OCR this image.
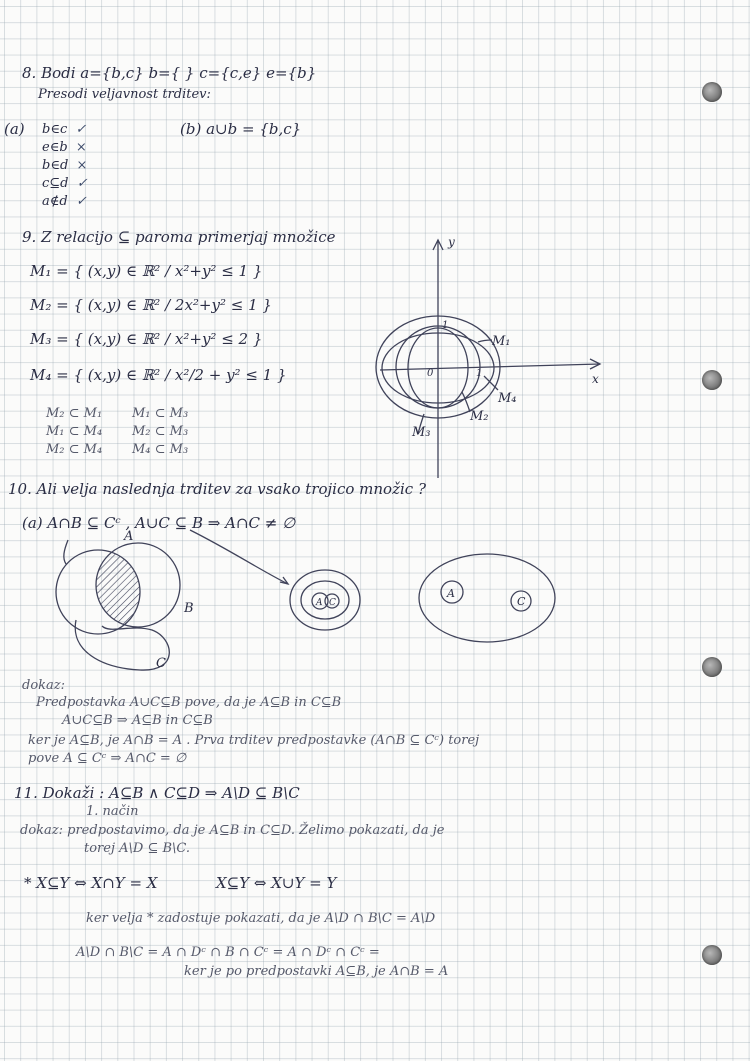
8. Bodi a={b,c} b={ } c={c,e} e={b}
Presodi veljavnost trditev:
(a) b∈c ✓
e∈b ×
b∈d ×
c⊆d ✓
a∉d ✓
(b) a∪b = {b,c}
9. Z relacijo ⊆ paroma primerjaj množice
M₁ = { (x,y) ∈ ℝ² / x²+y² ≤ 1 }
M₂ = { (x,y) ∈ ℝ² / 2x²+y² ≤ 1 }
M₃ = { (x,y) ∈ ℝ² / x²+y² ≤ 2 }
M₄ = { (x,y) ∈ ℝ² / x²/2 + y² ≤ 1 }
M₂ ⊂ M₁
M₁ ⊂ M₄
M₂ ⊂ M₄
M₁ ⊂ M₃
M₂ ⊂ M₃
M₄ ⊂ M₃
y
x
0	1
1
M₁
M₄
M₂
M₃
10. Ali velja naslednja trditev za vsako trojico množic ?
(a) A∩B ⊆ Cᶜ , A∪C ⊆ B ⇒ A∩C ≠ ∅
A
B
C
A C
A
C
dokaz:
Predpostavka A∪C⊆B pove, da je A⊆B in C⊆B
A∪C⊆B ⇒ A⊆B in C⊆B
ker je A⊆B, je A∩B = A . Prva trditev predpostavke (A∩B ⊆ Cᶜ) torej
pove A ⊆ Cᶜ ⇒ A∩C = ∅
11. Dokaži : A⊆B ∧ C⊆D ⇒ A\D ⊆ B\C
1. način
dokaz: predpostavimo, da je A⊆B in C⊆D. Želimo pokazati, da je
torej A\D ⊆ B\C.
* X⊆Y ⇔ X∩Y = X	X⊆Y ⇔ X∪Y = Y
ker velja * zadostuje pokazati, da je A\D ∩ B\C = A\D
A\D ∩ B\C = A ∩ Dᶜ ∩ B ∩ Cᶜ = A ∩ Dᶜ ∩ Cᶜ =
ker je po predpostavki A⊆B, je A∩B = A
